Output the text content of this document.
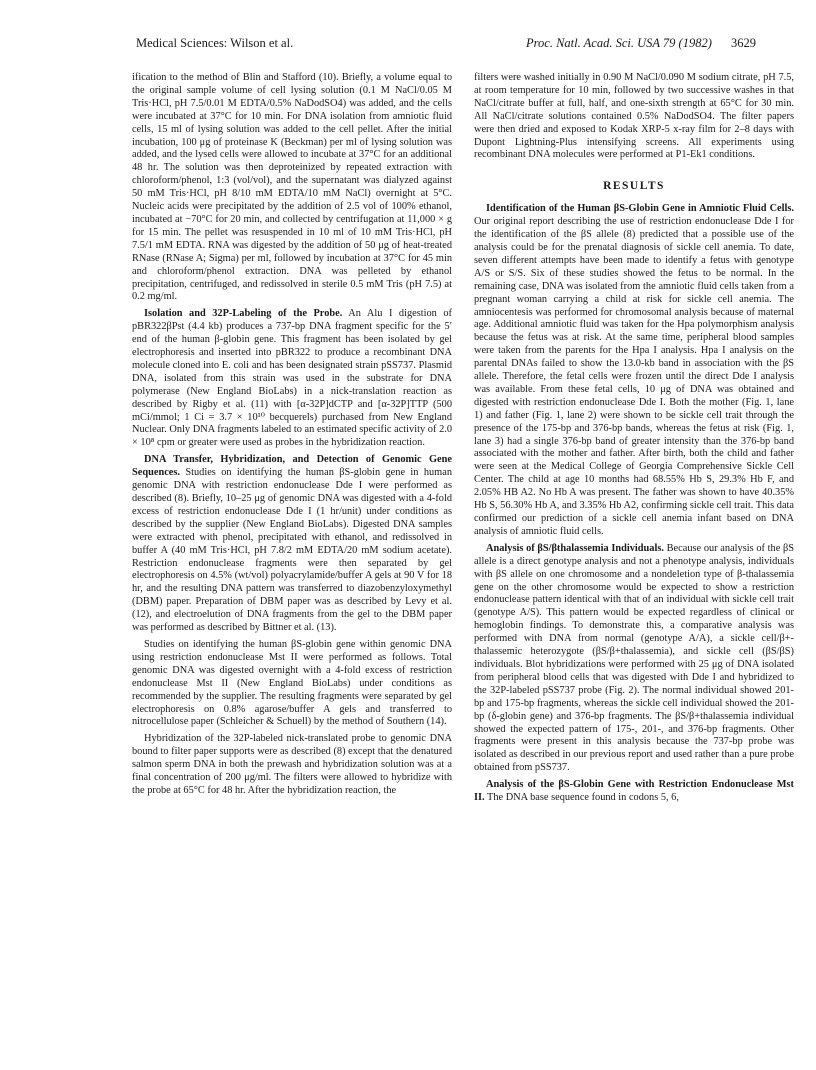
Medical Sciences: Wilson et al.	Proc. Natl. Acad. Sci. USA 79 (1982) 3629

ification to the method of Blin and Stafford (10). Briefly, a volume equal to the original sample volume of cell lysing solution (0.1 M NaCl/0.05 M Tris·HCl, pH 7.5/0.01 M EDTA/0.5% NaDodSO4) was added, and the cells were incubated at 37°C for 10 min. For DNA isolation from amniotic fluid cells, 15 ml of lysing solution was added to the cell pellet. After the initial incubation, 100 μg of proteinase K (Beckman) per ml of lysing solution was added, and the lysed cells were allowed to incubate at 37°C for an additional 48 hr. The solution was then deproteinized by repeated extraction with chloroform/phenol, 1:3 (vol/vol), and the supernatant was dialyzed against 50 mM Tris·HCl, pH 8/10 mM EDTA/10 mM NaCl) overnight at 5°C. Nucleic acids were precipitated by the addition of 2.5 vol of 100% ethanol, incubated at −70°C for 20 min, and collected by centrifugation at 11,000 × g for 15 min. The pellet was resuspended in 10 ml of 10 mM Tris·HCl, pH 7.5/1 mM EDTA. RNA was digested by the addition of 50 μg of heat-treated RNase (RNase A; Sigma) per ml, followed by incubation at 37°C for 45 min and chloroform/phenol extraction. DNA was pelleted by ethanol precipitation, centrifuged, and redissolved in sterile 0.5 mM Tris (pH 7.5) at 0.2 mg/ml.

Isolation and 32P-Labeling of the Probe. An Alu I digestion of pBR322βPst (4.4 kb) produces a 737-bp DNA fragment specific for the 5′ end of the human β-globin gene. This fragment has been isolated by gel electrophoresis and inserted into pBR322 to produce a recombinant DNA molecule cloned into E. coli and has been designated strain pSS737. Plasmid DNA, isolated from this strain was used in the substrate for DNA polymerase (New England BioLabs) in a nick-translation reaction as described by Rigby et al. (11) with [α-32P]dCTP and [α-32P]TTP (500 mCi/mmol; 1 Ci = 3.7 × 10¹⁰ becquerels) purchased from New England Nuclear. Only DNA fragments labeled to an estimated specific activity of 2.0 × 10⁸ cpm or greater were used as probes in the hybridization reaction.

DNA Transfer, Hybridization, and Detection of Genomic Gene Sequences. Studies on identifying the human βS-globin gene in human genomic DNA with restriction endonuclease Dde I were performed as described (8). Briefly, 10–25 μg of genomic DNA was digested with a 4-fold excess of restriction endonuclease Dde I (1 hr/unit) under conditions as described by the supplier (New England BioLabs). Digested DNA samples were extracted with phenol, precipitated with ethanol, and redissolved in buffer A (40 mM Tris·HCl, pH 7.8/2 mM EDTA/20 mM sodium acetate). Restriction endonuclease fragments were then separated by gel electrophoresis on 4.5% (wt/vol) polyacrylamide/buffer A gels at 90 V for 18 hr, and the resulting DNA pattern was transferred to diazobenzyloxymethyl (DBM) paper. Preparation of DBM paper was as described by Levy et al. (12), and electroelution of DNA fragments from the gel to the DBM paper was performed as described by Bittner et al. (13).

Studies on identifying the human βS-globin gene within genomic DNA using restriction endonuclease Mst II were performed as follows. Total genomic DNA was digested overnight with a 4-fold excess of restriction endonuclease Mst II (New England BioLabs) under conditions as recommended by the supplier. The resulting fragments were separated by gel electrophoresis on 0.8% agarose/buffer A gels and transferred to nitrocellulose paper (Schleicher & Schuell) by the method of Southern (14).

Hybridization of the 32P-labeled nick-translated probe to genomic DNA bound to filter paper supports were as described (8) except that the denatured salmon sperm DNA in both the prewash and hybridization solution was at a final concentration of 200 μg/ml. The filters were allowed to hybridize with the probe at 65°C for 48 hr. After the hybridization reaction, the

filters were washed initially in 0.90 M NaCl/0.090 M sodium citrate, pH 7.5, at room temperature for 10 min, followed by two successive washes in that NaCl/citrate buffer at full, half, and one-sixth strength at 65°C for 30 min. All NaCl/citrate solutions contained 0.5% NaDodSO4. The filter papers were then dried and exposed to Kodak XRP-5 x-ray film for 2–8 days with Dupont Lightning-Plus intensifying screens. All experiments using recombinant DNA molecules were performed at P1-Ek1 conditions.

RESULTS

Identification of the Human βS-Globin Gene in Amniotic Fluid Cells. Our original report describing the use of restriction endonuclease Dde I for the identification of the βS allele (8) predicted that a possible use of the analysis could be for the prenatal diagnosis of sickle cell anemia. To date, seven different attempts have been made to identify a fetus with genotype A/S or S/S. Six of these studies showed the fetus to be normal. In the remaining case, DNA was isolated from the amniotic fluid cells taken from a pregnant woman carrying a child at risk for sickle cell anemia. The amniocentesis was performed for chromosomal analysis because of maternal age. Additional amniotic fluid was taken for the Hpa polymorphism analysis because the fetus was at risk. At the same time, peripheral blood samples were taken from the parents for the Hpa I analysis. Hpa I analysis on the parental DNAs failed to show the 13.0-kb band in association with the βS allele. Therefore, the fetal cells were frozen until the direct Dde I analysis was available. From these fetal cells, 10 μg of DNA was obtained and digested with restriction endonuclease Dde I. Both the mother (Fig. 1, lane 1) and father (Fig. 1, lane 2) were shown to be sickle cell trait through the presence of the 175-bp and 376-bp bands, whereas the fetus at risk (Fig. 1, lane 3) had a single 376-bp band of greater intensity than the 376-bp band associated with the mother and father. After birth, both the child and father were seen at the Medical College of Georgia Comprehensive Sickle Cell Center. The child at age 10 months had 68.55% Hb S, 29.3% Hb F, and 2.05% HB A2. No Hb A was present. The father was shown to have 40.35% Hb S, 56.30% Hb A, and 3.35% Hb A2, confirming sickle cell trait. This data confirmed our prediction of a sickle cell anemia infant based on DNA analysis of amniotic fluid cells.

Analysis of βS/βthalassemia Individuals. Because our analysis of the βS allele is a direct genotype analysis and not a phenotype analysis, individuals with βS allele on one chromosome and a nondeletion type of β-thalassemia gene on the other chromosome would be expected to show a restriction endonuclease pattern identical with that of an individual with sickle cell trait (genotype A/S). This pattern would be expected regardless of clinical or hemoglobin findings. To demonstrate this, a comparative analysis was performed with DNA from normal (genotype A/A), a sickle cell/β+-thalassemic heterozygote (βS/β+thalassemia), and sickle cell (βS/βS) individuals. Blot hybridizations were performed with 25 μg of DNA isolated from peripheral blood cells that was digested with Dde I and hybridized to the 32P-labeled pSS737 probe (Fig. 2). The normal individual showed 201-bp and 175-bp fragments, whereas the sickle cell individual showed the 201-bp (δ-globin gene) and 376-bp fragments. The βS/β+thalassemia individual showed the expected pattern of 175-, 201-, and 376-bp fragments. Other fragments were present in this analysis because the 737-bp probe was isolated as described in our previous report and used rather than a pure probe obtained from pSS737.

Analysis of the βS-Globin Gene with Restriction Endonuclease Mst II. The DNA base sequence found in codons 5, 6,
